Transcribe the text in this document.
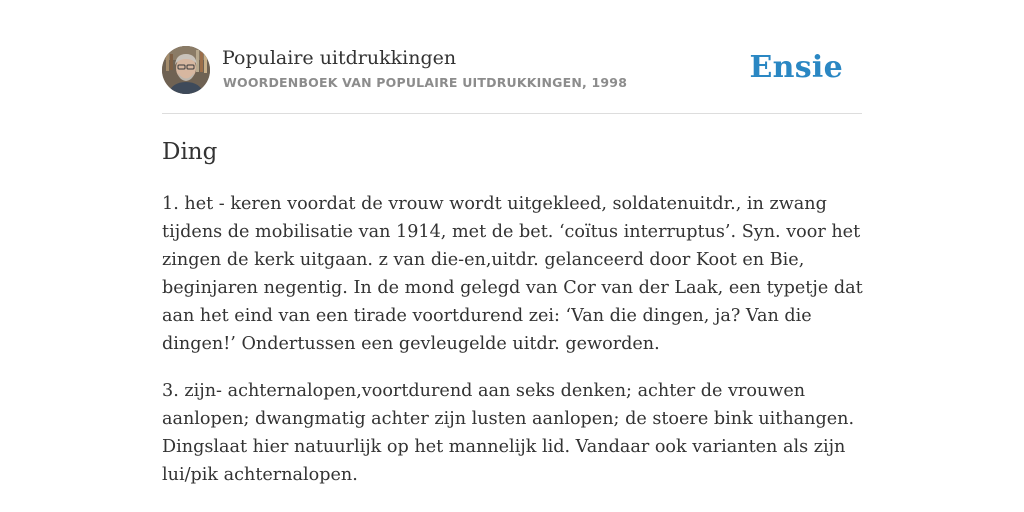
Populaire uitdrukkingen
WOORDENBOEK VAN POPULAIRE UITDRUKKINGEN, 1998	Ensie
Ding

1. het - keren voordat de vrouw wordt uitgekleed, soldatenuitdr., in zwang tijdens de mobilisatie van 1914, met de bet. ‘coïtus interruptus’. Syn. voor het zingen de kerk uitgaan. z van die-en,uitdr. gelanceerd door Koot en Bie, beginjaren negentig. In de mond gelegd van Cor van der Laak, een typetje dat aan het eind van een tirade voortdurend zei: ‘Van die dingen, ja? Van die dingen!’ Ondertussen een gevleugelde uitdr. geworden.

3. zijn- achternalopen,voortdurend aan seks denken; achter de vrouwen aanlopen; dwangmatig achter zijn lusten aanlopen; de stoere bink uithangen. Dingslaat hier natuurlijk op het mannelijk lid. Vandaar ook varianten als zijn lui/pik achternalopen.
